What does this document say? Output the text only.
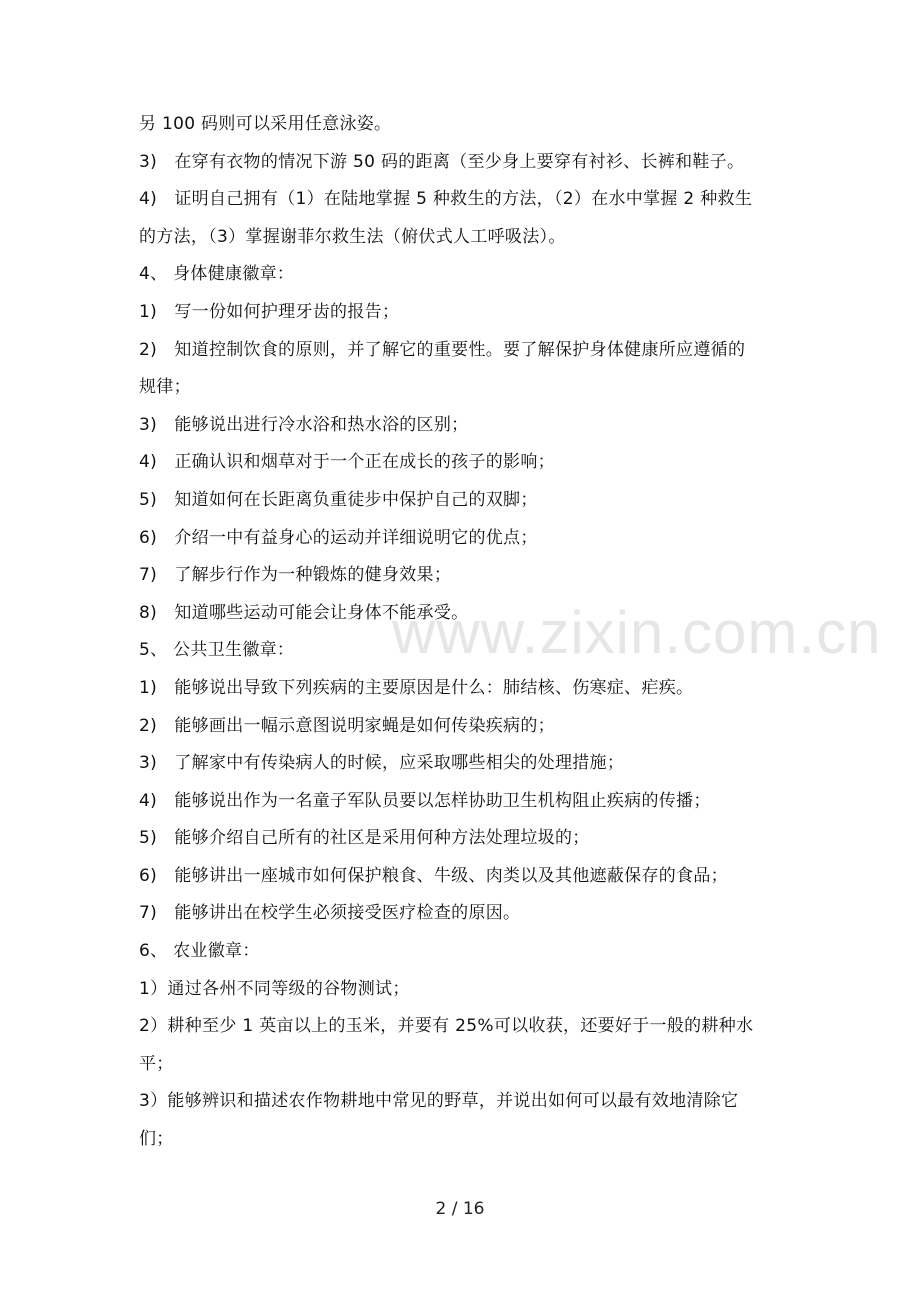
www.zixin.com.cn
另 100 码则可以采用任意泳姿。
3)　在穿有衣物的情况下游 50 码的距离（至少身上要穿有衬衫、长裤和鞋子。
4)　证明自己拥有（1）在陆地掌握 5 种救生的方法，（2）在水中掌握 2 种救生
的方法，（3）掌握谢菲尔救生法（俯伏式人工呼吸法）。
4、 身体健康徽章：
1)　写一份如何护理牙齿的报告；
2)　知道控制饮食的原则，并了解它的重要性。要了解保护身体健康所应遵循的
规律；
3)　能够说出进行冷水浴和热水浴的区别；
4)　正确认识和烟草对于一个正在成长的孩子的影响；
5)　知道如何在长距离负重徒步中保护自己的双脚；
6)　介绍一中有益身心的运动并详细说明它的优点；
7)　了解步行作为一种锻炼的健身效果；
8)　知道哪些运动可能会让身体不能承受。
5、 公共卫生徽章：
1)　能够说出导致下列疾病的主要原因是什么：肺结核、伤寒症、疟疾。
2)　能够画出一幅示意图说明家蝇是如何传染疾病的；
3)　了解家中有传染病人的时候，应采取哪些相尖的处理措施；
4)　能够说出作为一名童子军队员要以怎样协助卫生机构阻止疾病的传播；
5)　能够介绍自己所有的社区是采用何种方法处理垃圾的；
6)　能够讲出一座城市如何保护粮食、牛级、肉类以及其他遮蔽保存的食品；
7)　能够讲出在校学生必须接受医疗检查的原因。
6、 农业徽章：
1）通过各州不同等级的谷物测试；
2）耕种至少 1 英亩以上的玉米，并要有 25%可以收获，还要好于一般的耕种水
平；
3）能够辨识和描述农作物耕地中常见的野草，并说出如何可以最有效地清除它
们；
2 / 16
